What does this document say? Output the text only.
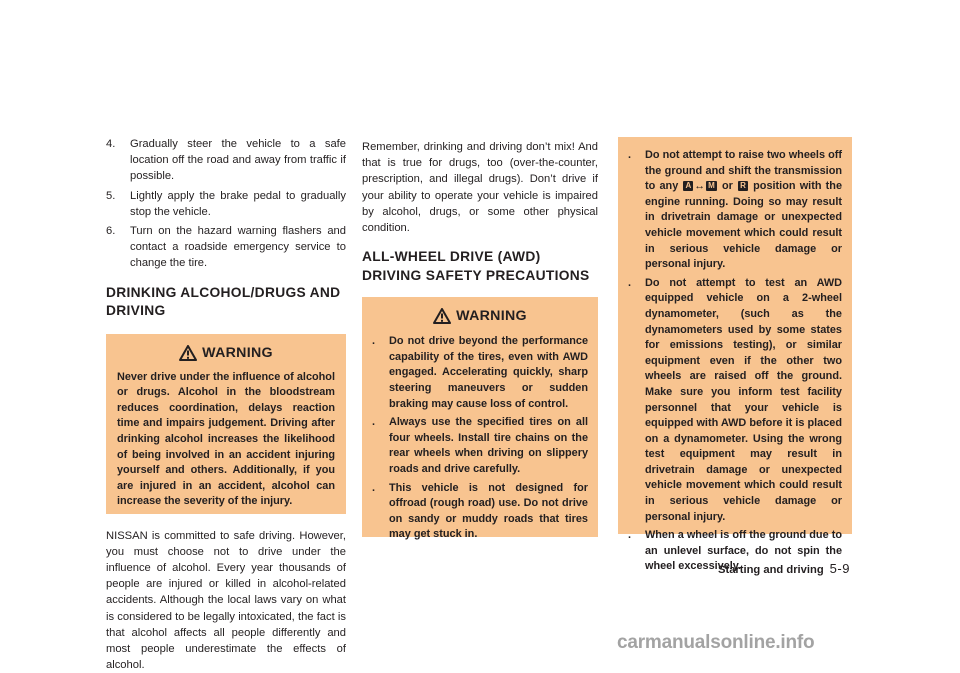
4.	Gradually steer the vehicle to a safe location off the road and away from traffic if possible.
5.	Lightly apply the brake pedal to gradually stop the vehicle.
6.	Turn on the hazard warning flashers and contact a roadside emergency service to change the tire.
DRINKING ALCOHOL/DRUGS AND DRIVING
WARNING
Never drive under the influence of alcohol or drugs. Alcohol in the bloodstream reduces coordination, delays reaction time and impairs judgement. Driving after drinking alcohol increases the likelihood of being involved in an accident injuring yourself and others. Additionally, if you are injured in an accident, alcohol can increase the severity of the injury.

NISSAN is committed to safe driving. However, you must choose not to drive under the influence of alcohol. Every year thousands of people are injured or killed in alcohol-related accidents. Although the local laws vary on what is considered to be legally intoxicated, the fact is that alcohol affects all people differently and most people underestimate the effects of alcohol.

Remember, drinking and driving don’t mix! And that is true for drugs, too (over-the-counter, prescription, and illegal drugs). Don’t drive if your ability to operate your vehicle is impaired by alcohol, drugs, or some other physical condition.

ALL-WHEEL DRIVE (AWD) DRIVING SAFETY PRECAUTIONS
WARNING
.	Do not drive beyond the performance capability of the tires, even with AWD engaged. Accelerating quickly, sharp steering maneuvers or sudden braking may cause loss of control.
.	Always use the specified tires on all four wheels. Install tire chains on the rear wheels when driving on slippery roads and drive carefully.
.	This vehicle is not designed for offroad (rough road) use. Do not drive on sandy or muddy roads that tires may get stuck in.
.	Do not attempt to raise two wheels off the ground and shift the transmission to any A ↔ M or R position with the engine running. Doing so may result in drivetrain damage or unexpected vehicle movement which could result in serious vehicle damage or personal injury.
.	Do not attempt to test an AWD equipped vehicle on a 2-wheel dynamometer, (such as the dynamometers used by some states for emissions testing), or similar equipment even if the other two wheels are raised off the ground. Make sure you inform test facility personnel that your vehicle is equipped with AWD before it is placed on a dynamometer. Using the wrong test equipment may result in drivetrain damage or unexpected vehicle movement which could result in serious vehicle damage or personal injury.
.	When a wheel is off the ground due to an unlevel surface, do not spin the wheel excessively.
Starting and driving 5-9
carmanualsonline.info
